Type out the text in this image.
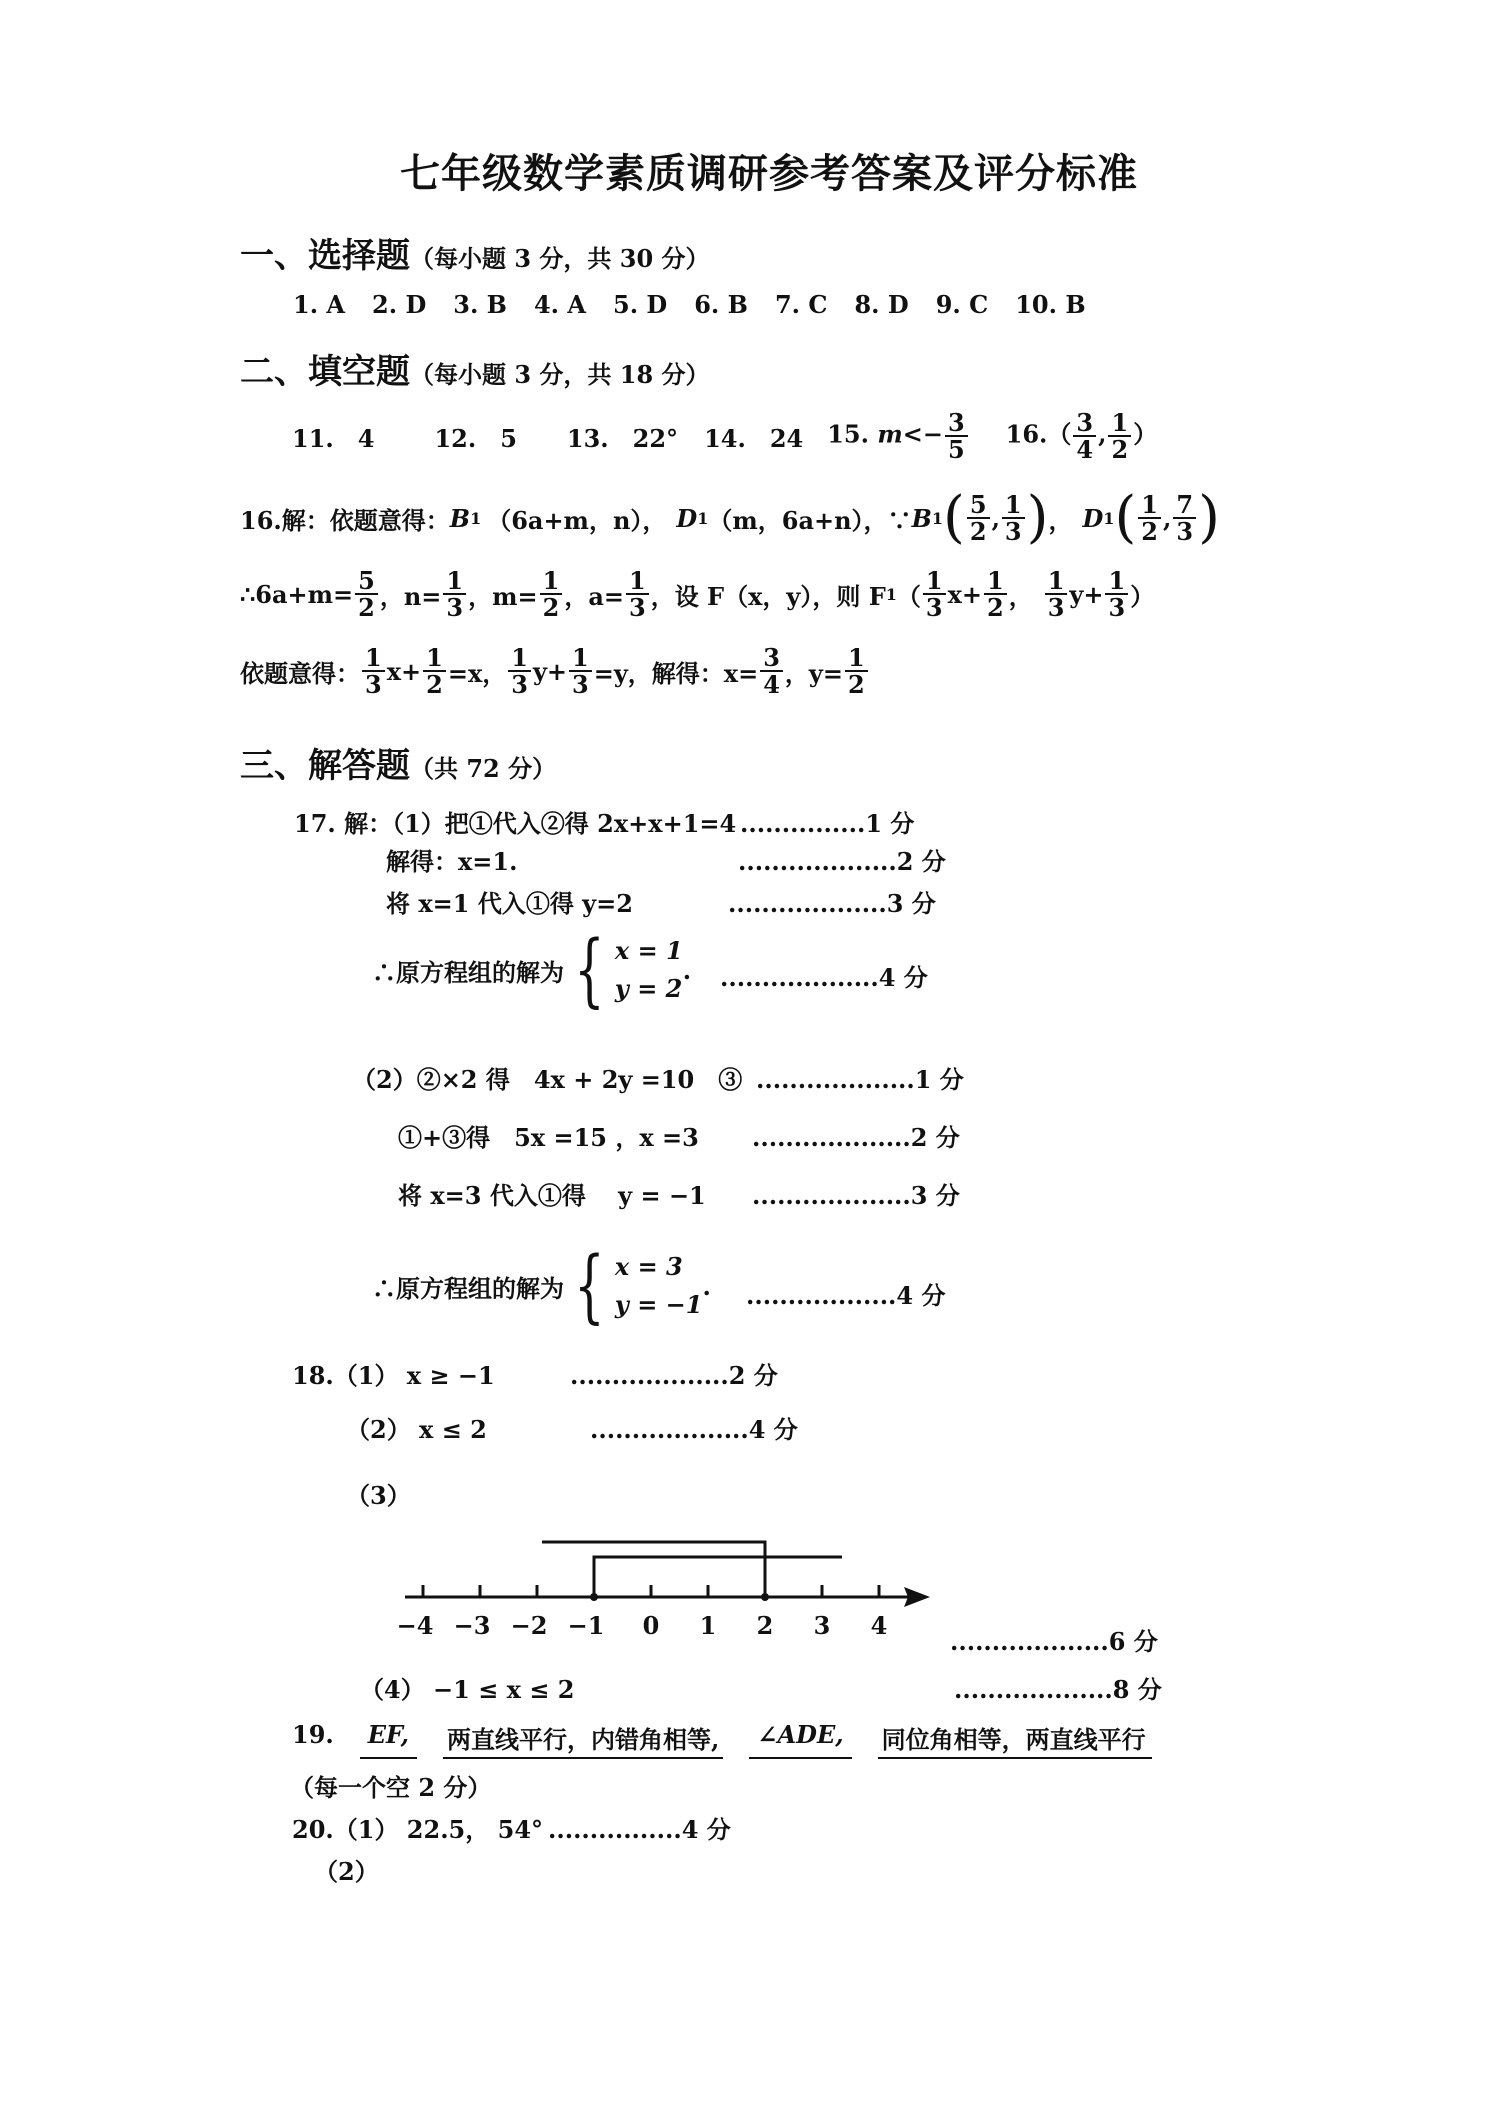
七年级数学素质调研参考答案及评分标准
一、选择题（每小题 3 分，共 30 分）
1. A 2. D 3. B 4. A 5. D 6. B 7. C 8. D 9. C 10. B
二、填空题（每小题 3 分，共 18 分）
11.　4	12.　5 13.　22° 14.　24 15. $m<- \frac{3}{5} 16.( \frac{3}{4}$ , $\frac{1}{2}$ ）
16.解：依题意得： B 1 （6a+m，n）， D 1 （m，6a+n），∵ B 1 ( $\frac{5}{2}$ , $\frac{1}{3}$ ) ， D 1 ( $\frac{1}{2}$ , $\frac{7}{3}$ )
∴6a+m= $\frac{5}{2}$ ，$n= \frac{1}{3}$ ，$m= \frac{1}{2}$ ，$a= \frac{1}{3}$ ，设 F（x，y），则 F 1 （ $\frac{1}{3} x+ \frac{1}{2}$ ， $\frac{1}{3} y+ \frac{1}{3}$ ）
依题意得： $\frac{1}{3} x+ \frac{1}{2} =x$， $\frac{1}{3} y+ \frac{1}{3} =y$，解得：$x= \frac{3}{4}$ ，$y= \frac{1}{2}$
三、解答题（共 72 分）
17. 解：（1）把①代入②得 2x+x+1=4 ...............1 分
解得：x=1.	...................2 分
将 x=1 代入①得 y=2	...................3 分
∴原方程组的解为 { x = 1
y = 2
. ...................4 分
（2）②×2 得　4x + 2y =10　③ ...................1 分
①+③得　5x =15 ，x =3 ...................2 分
将 x=3 代入①得　 y = −1 ...................3 分
∴原方程组的解为 { x = 3
y = −1
. ..................4 分
18.（1） x ≥ −1	...................2 分
（2） x ≤ 2	...................4 分
（3）
−4 −3 −2 −1 0 1 2 3 4
...................6 分
（4） −1 ≤ x ≤ 2	...................8 分
19.	EF,	两直线平行，内错角相等,	∠ADE,	同位角相等，两直线平行
（每一个空 2 分）
20.（1） 22.5， 54° ................4 分
（2）
